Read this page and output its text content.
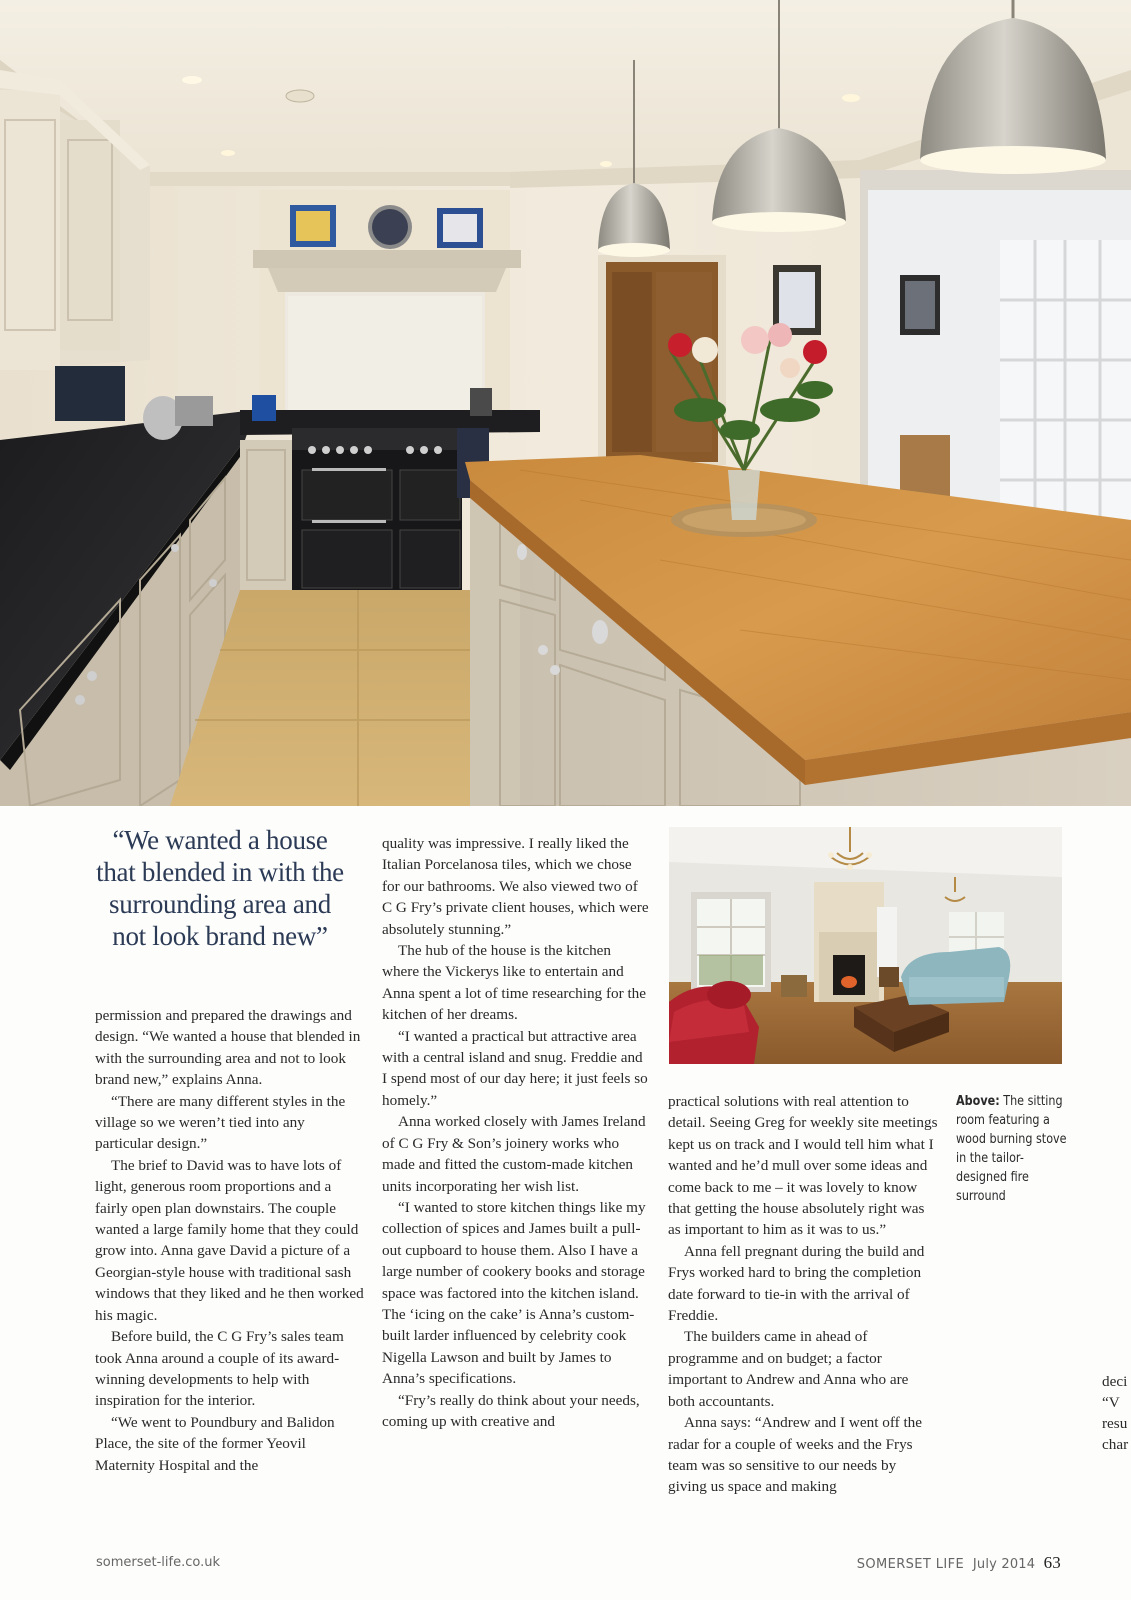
“We wanted a house that blended in with the surrounding area and not look brand new”

permission and prepared the drawings and design. “We wanted a house that blended in with the surrounding area and not to look brand new,” explains Anna.

“There are many different styles in the village so we weren’t tied into any particular design.”

The brief to David was to have lots of light, generous room proportions and a fairly open plan downstairs. The couple wanted a large family home that they could grow into. Anna gave David a picture of a Georgian-style house with traditional sash windows that they liked and he then worked his magic.

Before build, the C G Fry’s sales team took Anna around a couple of its award-winning developments to help with inspiration for the interior.

“We went to Poundbury and Balidon Place, the site of the former Yeovil Maternity Hospital and the

quality was impressive. I really liked the Italian Porcelanosa tiles, which we chose for our bathrooms. We also viewed two of C G Fry’s private client houses, which were absolutely stunning.”

The hub of the house is the kitchen where the Vickerys like to entertain and Anna spent a lot of time researching for the kitchen of her dreams.

“I wanted a practical but attractive area with a central island and snug. Freddie and I spend most of our day here; it just feels so homely.”

Anna worked closely with James Ireland of C G Fry & Son’s joinery works who made and fitted the custom-made kitchen units incorporating her wish list.

“I wanted to store kitchen things like my collection of spices and James built a pull-out cupboard to house them. Also I have a large number of cookery books and storage space was factored into the kitchen island. The ‘icing on the cake’ is Anna’s custom-built larder influenced by celebrity cook Nigella Lawson and built by James to Anna’s specifications.

“Fry’s really do think about your needs, coming up with creative and

practical solutions with real attention to detail. Seeing Greg for weekly site meetings kept us on track and I would tell him what I wanted and he’d mull over some ideas and come back to me – it was lovely to know that getting the house absolutely right was as important to him as it was to us.”

Anna fell pregnant during the build and Frys worked hard to bring the completion date forward to tie-in with the arrival of Freddie.

The builders came in ahead of programme and on budget; a factor important to Andrew and Anna who are both accountants.

Anna says: “Andrew and I went off the radar for a couple of weeks and the Frys team was so sensitive to our needs by giving us space and making

Above: The sitting room featuring a wood burning stove in the tailor-designed fire surround
deci
“V
resu
char
somerset-life.co.uk	SOMERSET LIFE July 2014 63
